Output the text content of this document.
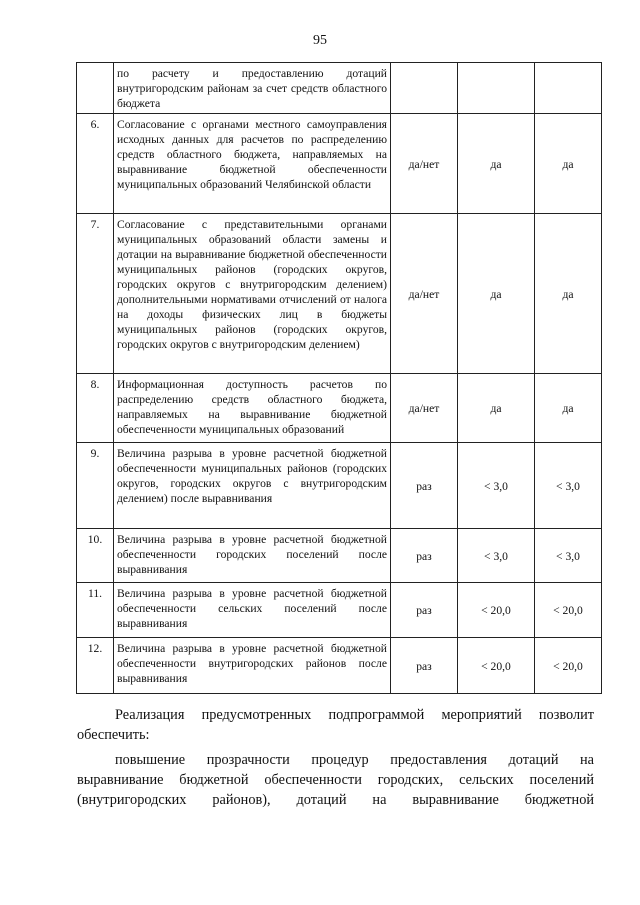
95
	по расчету и предоставлению дотаций внутригородским районам за счет средств областного бюджета			
6.	Согласование с органами местного самоуправления исходных данных для расчетов по распределению средств областного бюджета, направляемых на выравнивание бюджетной обеспеченности муниципальных образований Челябинской области	да/нет	да	да
7.	Согласование с представительными органами муниципальных образований области замены и дотации на выравнивание бюджетной обеспеченности муниципальных районов (городских округов, городских округов с внутригородским делением) дополнительными нормативами отчислений от налога на доходы физических лиц в бюджеты муниципальных районов (городских округов, городских округов с внутригородским делением)	да/нет	да	да
8.	Информационная доступность расчетов по распределению средств областного бюджета, направляемых на выравнивание бюджетной обеспеченности муниципальных образований	да/нет	да	да
9.	Величина разрыва в уровне расчетной бюджетной обеспеченности муниципальных районов (городских округов, городских округов с внутригородским делением) после выравнивания	раз	< 3,0	< 3,0
10.	Величина разрыва в уровне расчетной бюджетной обеспеченности городских поселений после выравнивания	раз	< 3,0	< 3,0
11.	Величина разрыва в уровне расчетной бюджетной обеспеченности сельских поселений после выравнивания	раз	< 20,0	< 20,0
12.	Величина разрыва в уровне расчетной бюджетной обеспеченности внутригородских районов после выравнивания	раз	< 20,0	< 20,0
Реализация предусмотренных подпрограммой мероприятий позволит
обеспечить:
повышение прозрачности процедур предоставления дотаций на
выравнивание бюджетной обеспеченности городских, сельских поселений
(внутригородских районов), дотаций на выравнивание бюджетной
